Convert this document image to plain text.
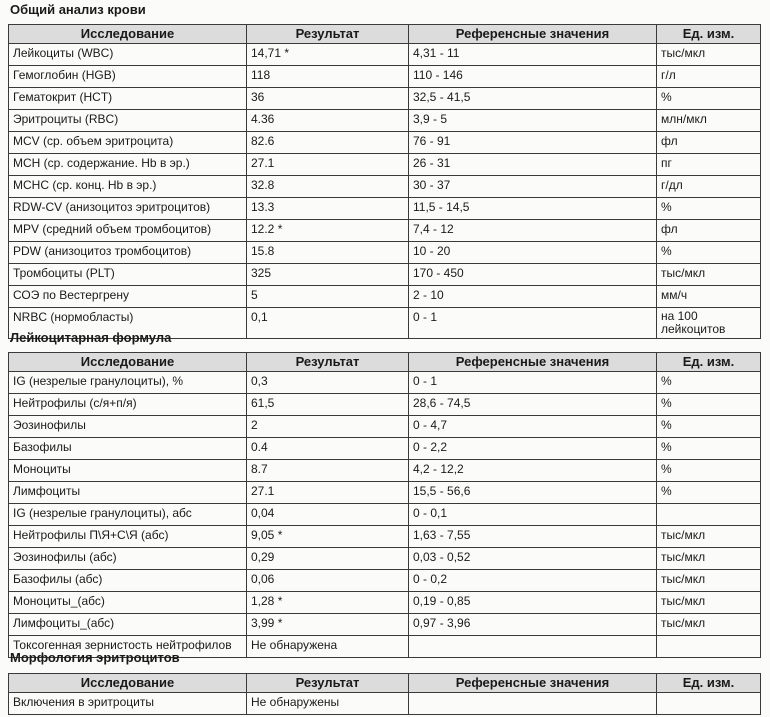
Общий анализ крови
Исследование	Результат	Референсные значения	Ед. изм.
Лейкоциты (WBC)	14,71 *	4,31 - 11	тыс/мкл
Гемоглобин (HGB)	118	110 - 146	г/л
Гематокрит (HCT)	36	32,5 - 41,5	%
Эритроциты (RBC)	4.36	3,9 - 5	млн/мкл
MCV (ср. объем эритроцита)	82.6	76 - 91	фл
MCH (ср. содержание. Hb в эр.)	27.1	26 - 31	пг
MCHC (ср. конц. Hb в эр.)	32.8	30 - 37	г/дл
RDW-CV (анизоцитоз эритроцитов)	13.3	11,5 - 14,5	%
MPV (средний объем тромбоцитов)	12.2 *	7,4 - 12	фл
PDW (анизоцитоз тромбоцитов)	15.8	10 - 20	%
Тромбоциты (PLT)	325	170 - 450	тыс/мкл
СОЭ по Вестергрену	5	2 - 10	мм/ч
NRBC (нормобласты)	0,1	0 - 1	на 100 лейкоцитов
Лейкоцитарная формула
Исследование	Результат	Референсные значения	Ед. изм.
IG (незрелые гранулоциты), %	0,3	0 - 1	%
Нейтрофилы (с/я+п/я)	61,5	28,6 - 74,5	%
Эозинофилы	2	0 - 4,7	%
Базофилы	0.4	0 - 2,2	%
Моноциты	8.7	4,2 - 12,2	%
Лимфоциты	27.1	15,5 - 56,6	%
IG (незрелые гранулоциты), абс	0,04	0 - 0,1	
Нейтрофилы П\Я+С\Я (абс)	9,05 *	1,63 - 7,55	тыс/мкл
Эозинофилы (абс)	0,29	0,03 - 0,52	тыс/мкл
Базофилы (абс)	0,06	0 - 0,2	тыс/мкл
Моноциты_(абс)	1,28 *	0,19 - 0,85	тыс/мкл
Лимфоциты_(абс)	3,99 *	0,97 - 3,96	тыс/мкл
Токсогенная зернистость нейтрофилов	Не обнаружена		
Морфология эритроцитов
Исследование	Результат	Референсные значения	Ед. изм.
Включения в эритроциты	Не обнаружены		
